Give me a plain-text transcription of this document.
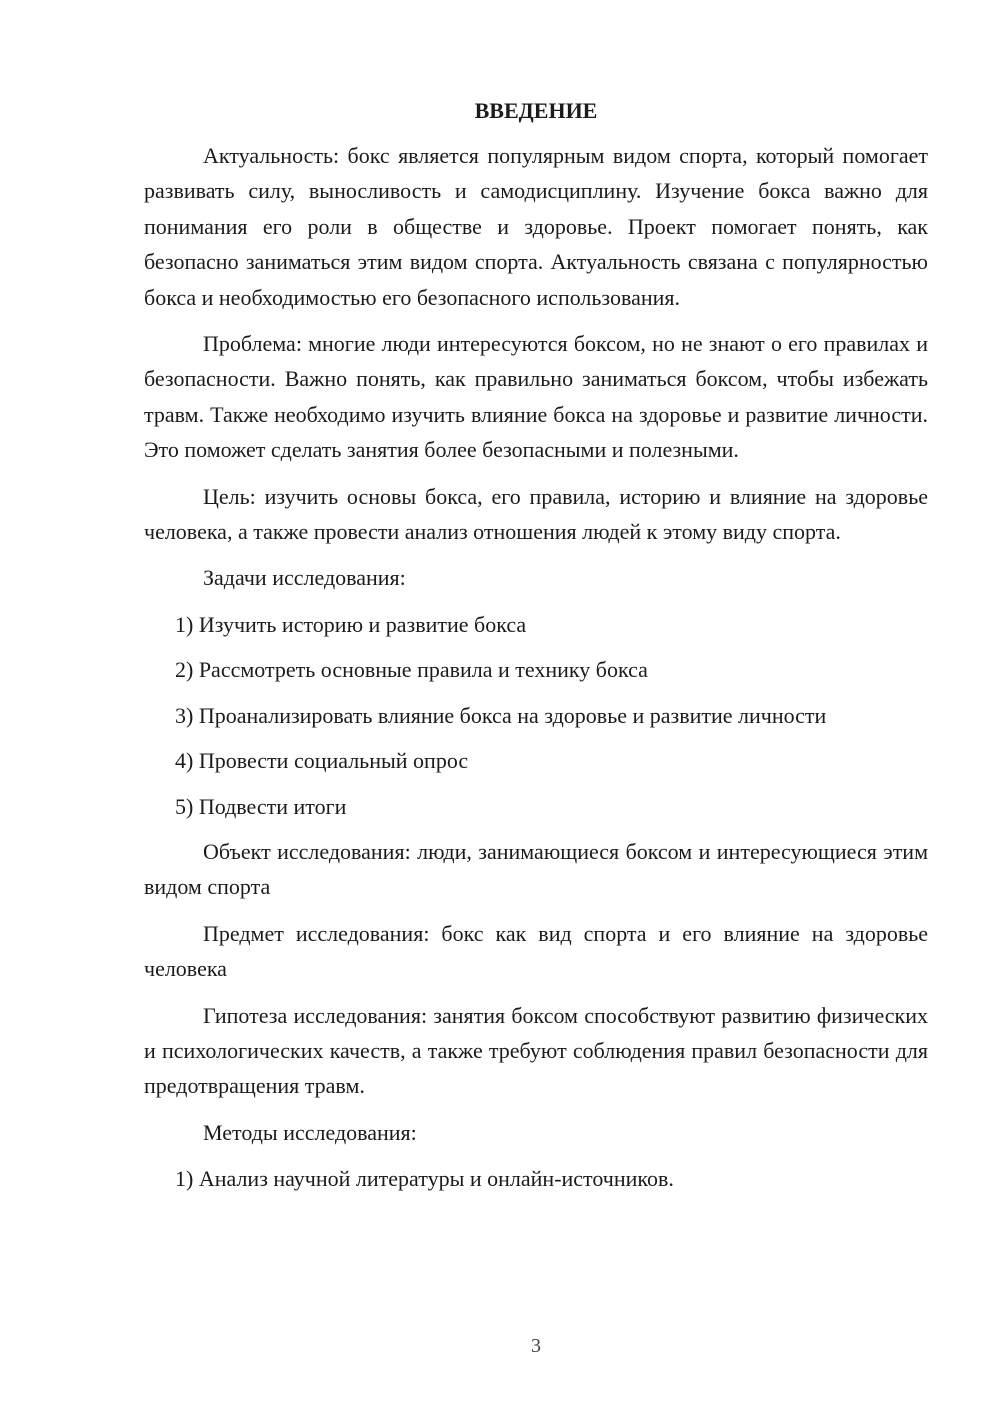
ВВЕДЕНИЕ

Актуальность: бокс является популярным видом спорта, который помогает развивать силу, выносливость и самодисциплину. Изучение бокса важно для понимания его роли в обществе и здоровье. Проект помогает понять, как безопасно заниматься этим видом спорта. Актуальность связана с популярностью бокса и необходимостью его безопасного использования.

Проблема: многие люди интересуются боксом, но не знают о его правилах и безопасности. Важно понять, как правильно заниматься боксом, чтобы избежать травм. Также необходимо изучить влияние бокса на здоровье и развитие личности. Это поможет сделать занятия более безопасными и полезными.

Цель: изучить основы бокса, его правила, историю и влияние на здоровье человека, а также провести анализ отношения людей к этому виду спорта.

Задачи исследования:

1) Изучить историю и развитие бокса
2) Рассмотреть основные правила и технику бокса
3) Проанализировать влияние бокса на здоровье и развитие личности
4) Провести социальный опрос
5) Подвести итоги

Объект исследования: люди, занимающиеся боксом и интересующиеся этим видом спорта

Предмет исследования: бокс как вид спорта и его влияние на здоровье человека

Гипотеза исследования: занятия боксом способствуют развитию физических и психологических качеств, а также требуют соблюдения правил безопасности для предотвращения травм.

Методы исследования:

1) Анализ научной литературы и онлайн-источников.
3
